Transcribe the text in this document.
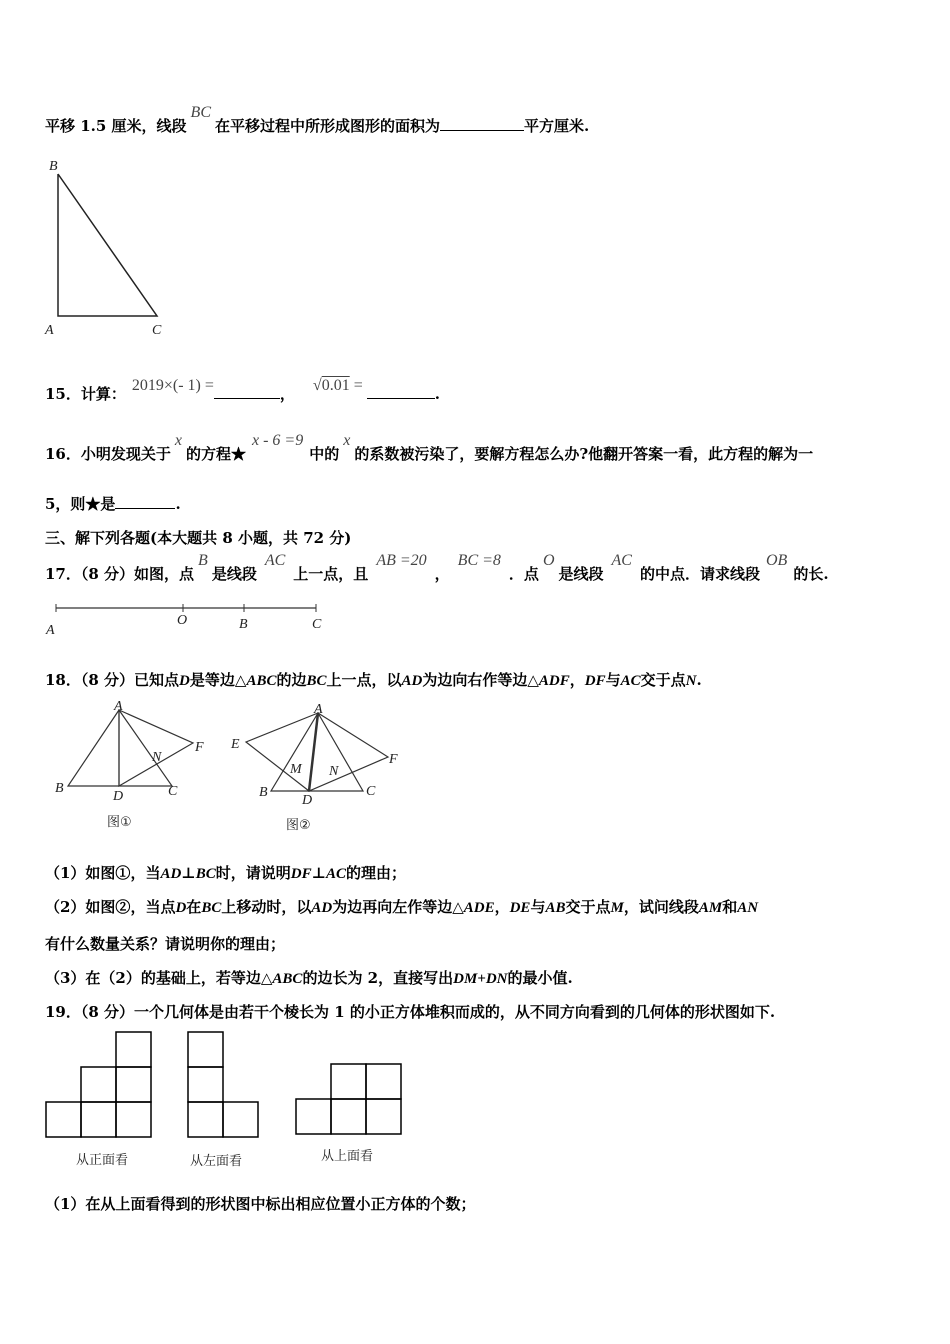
平移 1.5 厘米，线段BC在平移过程中所形成图形的面积为	平方厘米.
B
A	C
15．计算： 2019×(- 1) =	， √0.01 =	.
16．小明发现关于x的方程★x - 6 =9中的x的系数被污染了，要解方程怎么办?他翻开答案一看，此方程的解为一
5，则★是	.
三、解下列各题(本大题共 8 小题，共 72 分)
17．（8 分）如图，点B是线段AC上一点，且AB =20，BC =8．点O是线段AC的中点．请求线段OB的长.
A
O	B	C
18．（8 分）已知点D是等边△ABC的边BC上一点，以AD为边向右作等边△ADF，DF与AC交于点N.
A
B
D	C
N
F
图①
A
E
M N
F
B
D
C
图②
（1）如图①，当AD⊥BC时，请说明DF⊥AC的理由；
（2）如图②，当点D在BC上移动时，以AD为边再向左作等边△ADE，DE与AB交于点M，试问线段AM和AN
有什么数量关系？请说明你的理由；
（3）在（2）的基础上，若等边△ABC的边长为 2，直接写出DM+DN的最小值.
19．（8 分）一个几何体是由若干个棱长为 1 的小正方体堆积而成的，从不同方向看到的几何体的形状图如下.
从正面看	从左面看	从上面看
（1）在从上面看得到的形状图中标出相应位置小正方体的个数；
